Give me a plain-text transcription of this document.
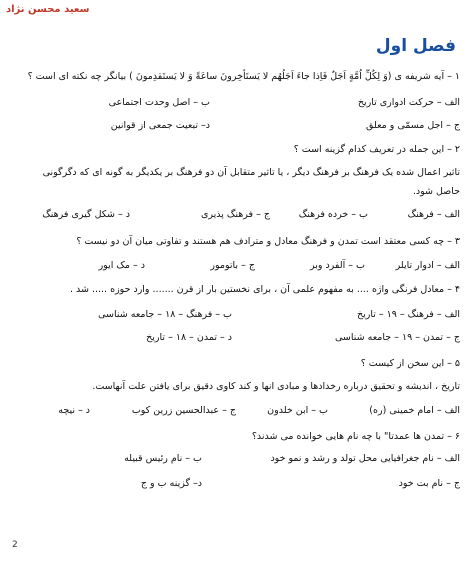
سعید محسن نژاد
فصل اول
۱ – آیه شریفه ی (وَ لِکُلِّ اُمَّةٍ اَجَلٌ فَاِذا جاءَ اَجَلُهُم لا یَستَأخِرونَ ساعَةً وَ لا یَستَقدِمونَ ) بیانگر چه نکته ای است ؟
الف – حرکت ادواری تاریخ
ب – اصل وحدت اجتماعی
ج – اجل مسمّی و معلق
د– تبعیت جمعی از قوانین
۲ – این جمله در تعریف کدام گزینه است ؟
تاثیر اعمال شده یک فرهنگ بر فرهنگ دیگر ، یا تاثیر متقابل آن دو فرهنگ بر یکدیگر به گونه ای که دگرگونی
حاصل شود.
الف – فرهنگ
ب – خرده فرهنگ
ج – فرهنگ پذیری
د – شکل گیری فرهنگ
۳ – چه کسی معتقد است تمدن و فرهنگ معادل و مترادف هم هستند و تفاوتی میان آن دو نیست ؟
الف – ادوار تایلر
ب – آلفرد وبر
ج – باتومور
د – مک ایور
۴ – معادل فرنگی واژه .... به مفهوم علمی آن ، برای نخستین بار از قرن ....... وارد حوزه ..... شد .
الف – فرهنگ – ۱۹ – تاریخ
ب – فرهنگ – ۱۸ – جامعه شناسی
ج – تمدن – ۱۹ – جامعه شناسی
د – تمدن – ۱۸ – تاریخ
۵ – این سخن از کیست ؟
تاریخ ، اندیشه و تحقیق درباره رخدادها و مبادی انها و کند کاوی دقیق برای یافتن علت آنهاست.
الف – امام خمینی (ره)
ب – ابن خلدون
ج – عبدالحسین زرین کوب
د – نیچه
۶ – تمدن ها عمدتا" با چه نام هایی خوانده می شدند؟
الف – نام جغرافیایی محل تولد و رشد و نمو خود
ب – نام رئیس قبیله
ج – نام بت خود
د– گزینه ب و ج
2
